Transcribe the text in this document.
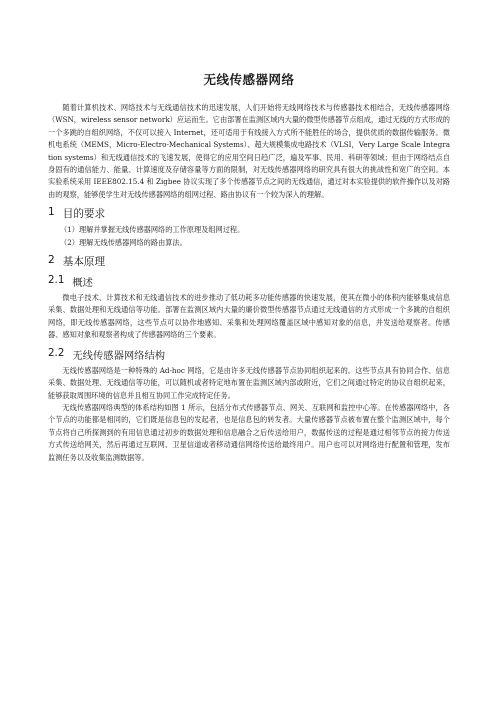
无线传感器网络

随着计算机技术、网络技术与无线通信技术的迅速发展，人们开始将无线网络技术与传感器技术相结合，无线传感器网络（WSN，wireless sensor network）应运而生。它由部署在监测区域内大量的微型传感器节点组成，通过无线的方式形成的一个多跳的自组织网络，不仅可以接入 Internet，还可适用于有线接入方式所不能胜任的场合，提供优质的数据传输服务。微机电系统（MEMS，Micro-Electro-Mechanical Systems）、超大规模集成电路技术（VLSI，Very Large Scale Integration systems）和无线通信技术的飞速发展，使得它的应用空间日趋广泛，遍及军事、民用、科研等领域；但由于网络结点自身固有的通信能力、能量、计算速度及存储容量等方面的限制，对无线传感器网络的研究具有很大的挑战性和宽广的空间。本实验系统采用 IEEE802.15.4 和 Zigbee 协议实现了多个传感器节点之间的无线通信，通过对本实验提供的软件操作以及对路由的观察，能够使学生对无线传感器网络的组网过程、路由协议有一个较为深入的理解。

1 目的要求
（1）理解并掌握无线传感器网络的工作原理及组网过程。
（2）理解无线传感器网络的路由算法。
2 基本原理
2.1 概述

微电子技术、计算技术和无线通信技术的进步推动了低功耗多功能传感器的快速发展，使其在微小的体积内能够集成信息采集、数据处理和无线通信等功能。部署在监测区域内大量的廉价微型传感器节点通过无线通信的方式形成一个多跳的自组织网络，即无线传感器网络，这些节点可以协作地感知、采集和处理网络覆盖区域中感知对象的信息，并发送给观察者。传感器、感知对象和观察者构成了传感器网络的三个要素。

2.2 无线传感器网络结构

无线传感器网络是一种特殊的 Ad-hoc 网络，它是由许多无线传感器节点协同组织起来的。这些节点具有协同合作、信息采集、数据处理、无线通信等功能，可以随机或者特定地布置在监测区域内部或附近，它们之间通过特定的协议自组织起来，能够获取周围环境的信息并且相互协同工作完成特定任务。

无线传感器网络典型的体系结构如图 1 所示，包括分布式传感器节点、网关、互联网和监控中心等。在传感器网络中，各个节点的功能都是相同的，它们既是信息包的发起者，也是信息包的转发者。大量传感器节点被布置在整个监测区域中，每个节点将自己所探测到的有用信息通过初步的数据处理和信息融合之后传送给用户，数据传送的过程是通过相邻节点的接力传送方式传送给网关，然后再通过互联网、卫星信道或者移动通信网络传送给最终用户。用户也可以对网络进行配置和管理，发布监测任务以及收集监测数据等。
